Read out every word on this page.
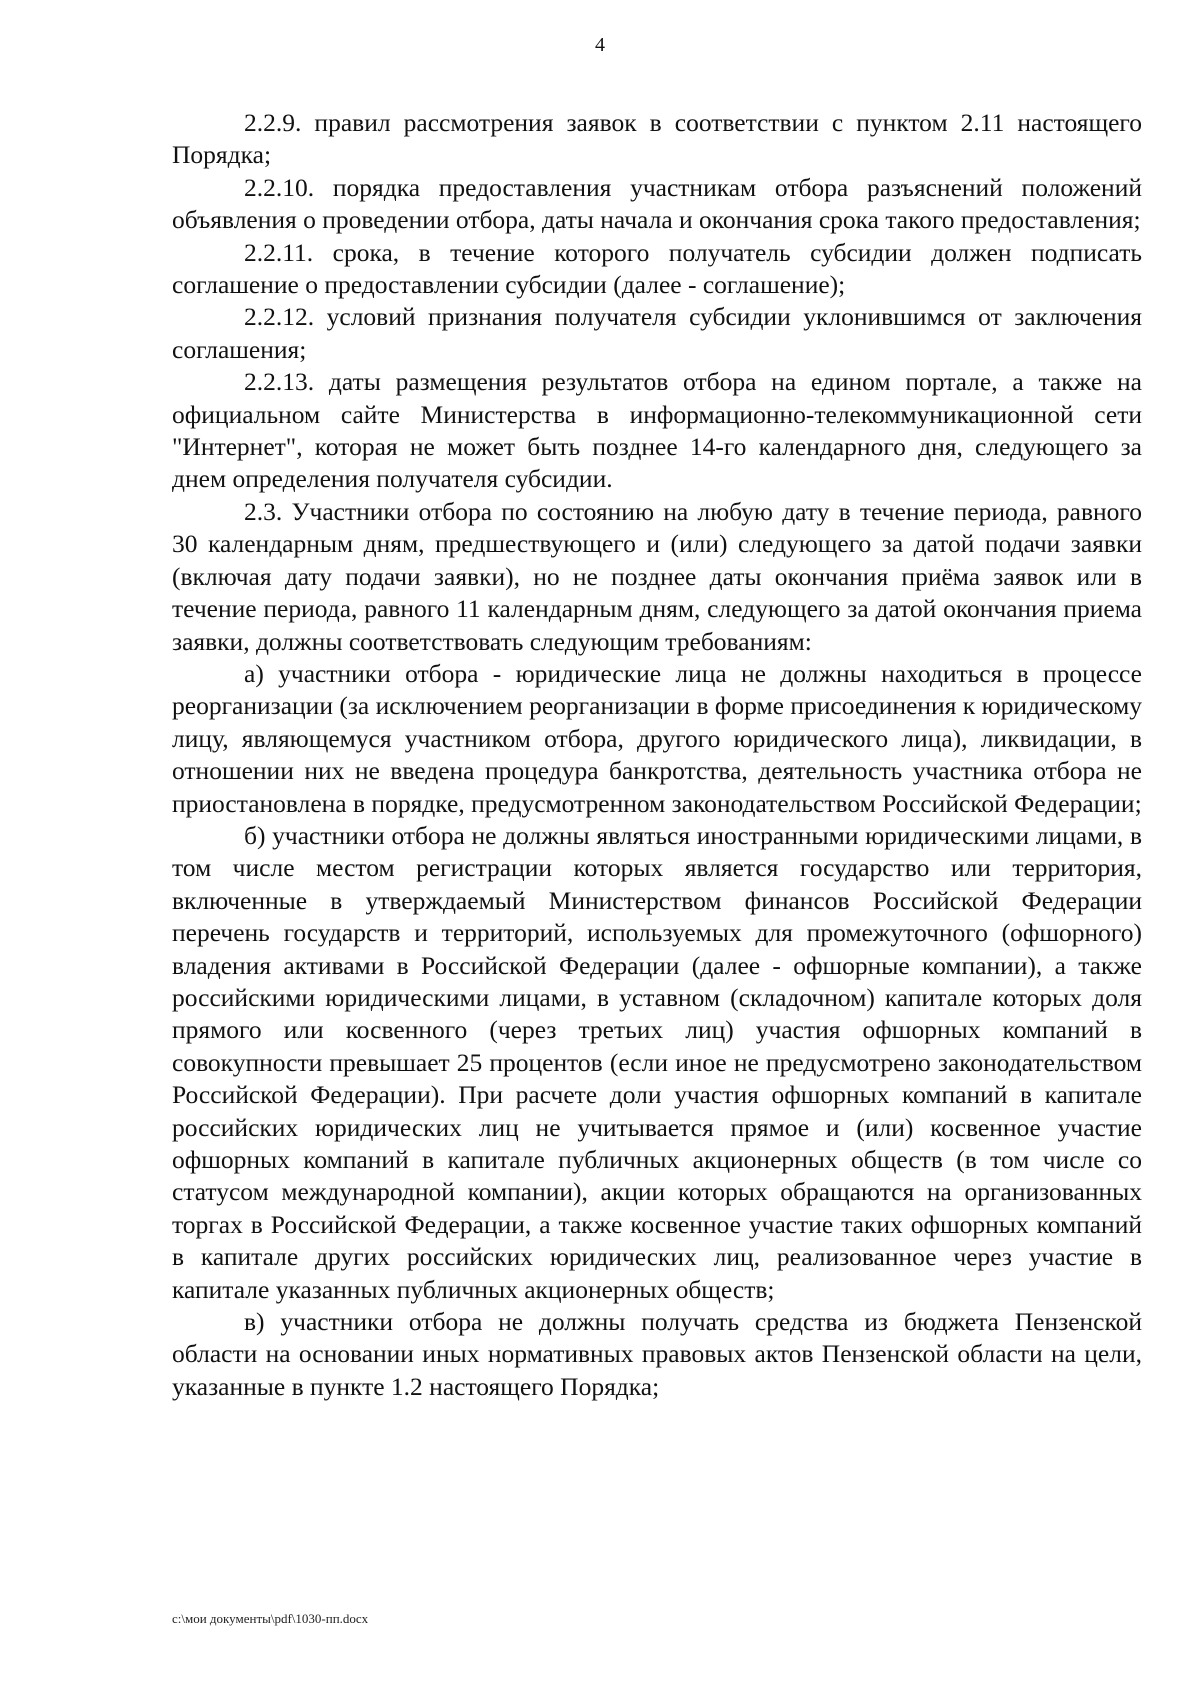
4

2.2.9. правил рассмотрения заявок в соответствии с пунктом 2.11 настоящего Порядка;

2.2.10. порядка предоставления участникам отбора разъяснений положений объявления о проведении отбора, даты начала и окончания срока такого предоставления;

2.2.11. срока, в течение которого получатель субсидии должен подписать соглашение о предоставлении субсидии (далее - соглашение);

2.2.12. условий признания получателя субсидии уклонившимся от заключения соглашения;

2.2.13. даты размещения результатов отбора на едином портале, а также на официальном сайте Министерства в информационно-телекоммуникационной сети "Интернет", которая не может быть позднее 14-го календарного дня, следующего за днем определения получателя субсидии.

2.3. Участники отбора по состоянию на любую дату в течение периода, равного 30 календарным дням, предшествующего и (или) следующего за датой подачи заявки (включая дату подачи заявки), но не позднее даты окончания приёма заявок или в течение периода, равного 11 календарным дням, следующего за датой окончания приема заявки, должны соответствовать следующим требованиям:

а) участники отбора - юридические лица не должны находиться в процессе реорганизации (за исключением реорганизации в форме присоединения к юридическому лицу, являющемуся участником отбора, другого юридического лица), ликвидации, в отношении них не введена процедура банкротства, деятельность участника отбора не приостановлена в порядке, предусмотренном законодательством Российской Федерации;

б) участники отбора не должны являться иностранными юридическими лицами, в том числе местом регистрации которых является государство или территория, включенные в утверждаемый Министерством финансов Российской Федерации перечень государств и территорий, используемых для промежуточного (офшорного) владения активами в Российской Федерации (далее - офшорные компании), а также российскими юридическими лицами, в уставном (складочном) капитале которых доля прямого или косвенного (через третьих лиц) участия офшорных компаний в совокупности превышает 25 процентов (если иное не предусмотрено законодательством Российской Федерации). При расчете доли участия офшорных компаний в капитале российских юридических лиц не учитывается прямое и (или) косвенное участие офшорных компаний в капитале публичных акционерных обществ (в том числе со статусом международной компании), акции которых обращаются на организованных торгах в Российской Федерации, а также косвенное участие таких офшорных компаний в капитале других российских юридических лиц, реализованное через участие в капитале указанных публичных акционерных обществ;

в) участники отбора не должны получать средства из бюджета Пензенской области на основании иных нормативных правовых актов Пензенской области на цели, указанные в пункте 1.2 настоящего Порядка;

c:\мои документы\pdf\1030-пп.docx
